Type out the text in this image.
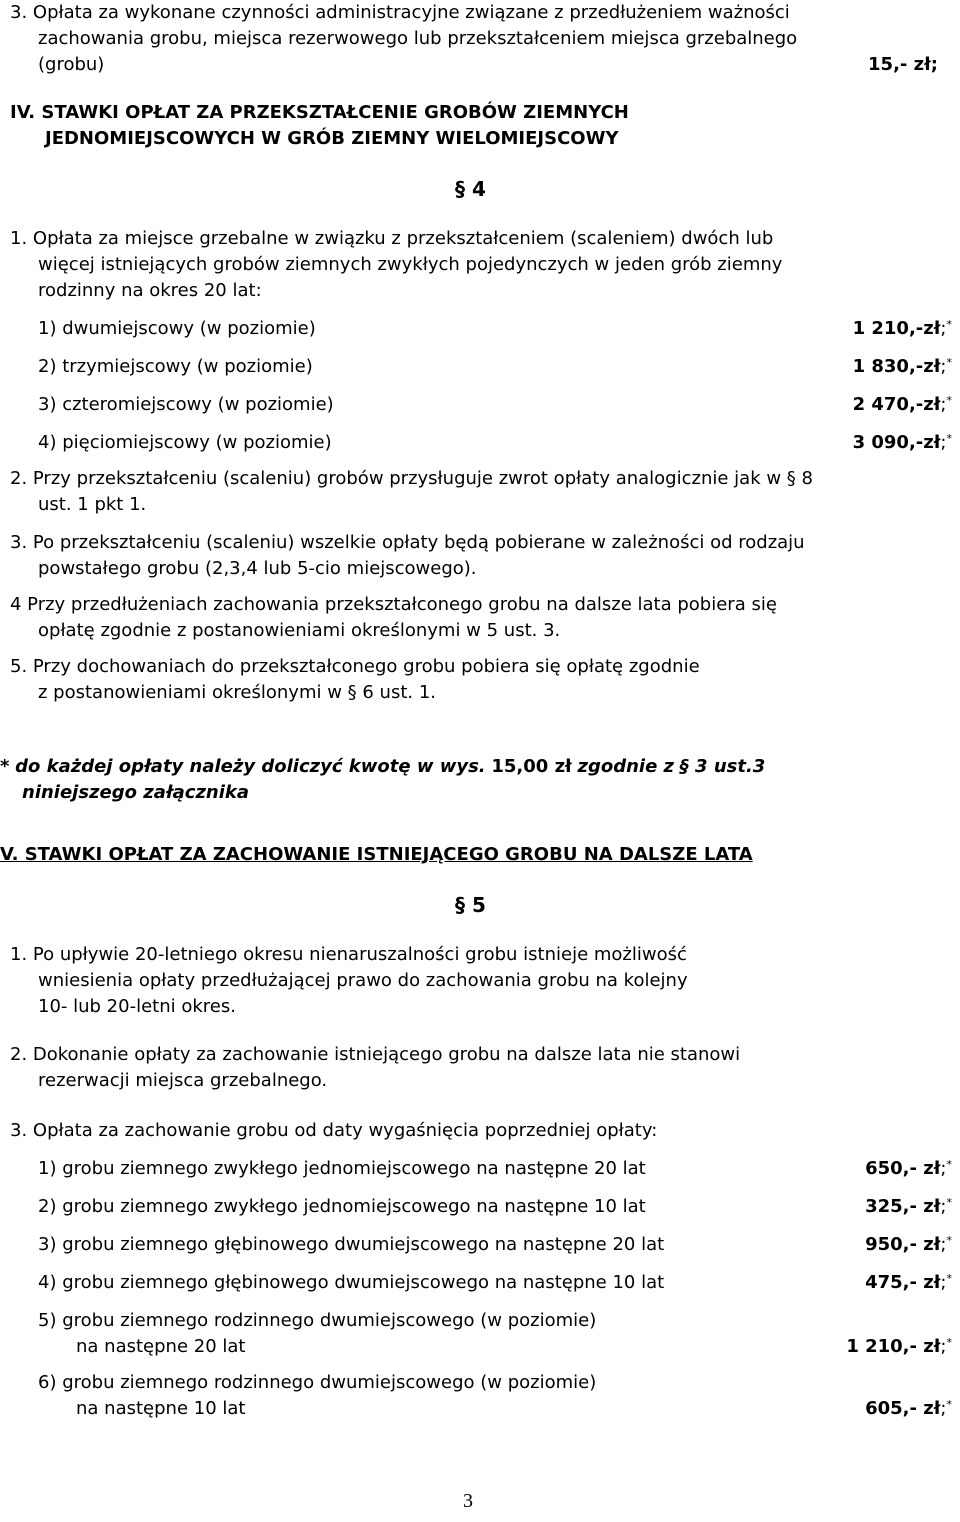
3. Opłata za wykonane czynności administracyjne związane z przedłużeniem ważności
zachowania grobu, miejsca rezerwowego lub przekształceniem miejsca grzebalnego
(grobu)	15,- zł;
IV. STAWKI OPŁAT ZA PRZEKSZTAŁCENIE GROBÓW ZIEMNYCH
JEDNOMIEJSCOWYCH W GRÓB ZIEMNY WIELOMIEJSCOWY
§ 4
1. Opłata za miejsce grzebalne w związku z przekształceniem (scaleniem) dwóch lub
więcej istniejących grobów ziemnych zwykłych pojedynczych w jeden grób ziemny
rodzinny na okres 20 lat:
1) dwumiejscowy (w poziomie)	1 210,-zł;*
2) trzymiejscowy (w poziomie)	1 830,-zł;*
3) czteromiejscowy (w poziomie)	2 470,-zł;*
4) pięciomiejscowy (w poziomie)	3 090,-zł;*
2. Przy przekształceniu (scaleniu) grobów przysługuje zwrot opłaty analogicznie jak w § 8
ust. 1 pkt 1.
3. Po przekształceniu (scaleniu) wszelkie opłaty będą pobierane w zależności od rodzaju
powstałego grobu (2,3,4 lub 5-cio miejscowego).
4 Przy przedłużeniach zachowania przekształconego grobu na dalsze lata pobiera się
opłatę zgodnie z postanowieniami określonymi w 5 ust. 3.
5. Przy dochowaniach do przekształconego grobu pobiera się opłatę zgodnie
z postanowieniami określonymi w § 6 ust. 1.
* do każdej opłaty należy doliczyć kwotę w wys. 15,00 zł zgodnie z § 3 ust.3
niniejszego załącznika
V. STAWKI OPŁAT ZA ZACHOWANIE ISTNIEJĄCEGO GROBU NA DALSZE LATA
§ 5
1. Po upływie 20-letniego okresu nienaruszalności grobu istnieje możliwość
wniesienia opłaty przedłużającej prawo do zachowania grobu na kolejny
10- lub 20-letni okres.
2. Dokonanie opłaty za zachowanie istniejącego grobu na dalsze lata nie stanowi
rezerwacji miejsca grzebalnego.
3. Opłata za zachowanie grobu od daty wygaśnięcia poprzedniej opłaty:
1) grobu ziemnego zwykłego jednomiejscowego na następne 20 lat	650,- zł;*
2) grobu ziemnego zwykłego jednomiejscowego na następne 10 lat	325,- zł;*
3) grobu ziemnego głębinowego dwumiejscowego na następne 20 lat	950,- zł;*
4) grobu ziemnego głębinowego dwumiejscowego na następne 10 lat	475,- zł;*
5) grobu ziemnego rodzinnego dwumiejscowego (w poziomie)
na następne 20 lat	1 210,- zł;*
6) grobu ziemnego rodzinnego dwumiejscowego (w poziomie)
na następne 10 lat	605,- zł;*
3
